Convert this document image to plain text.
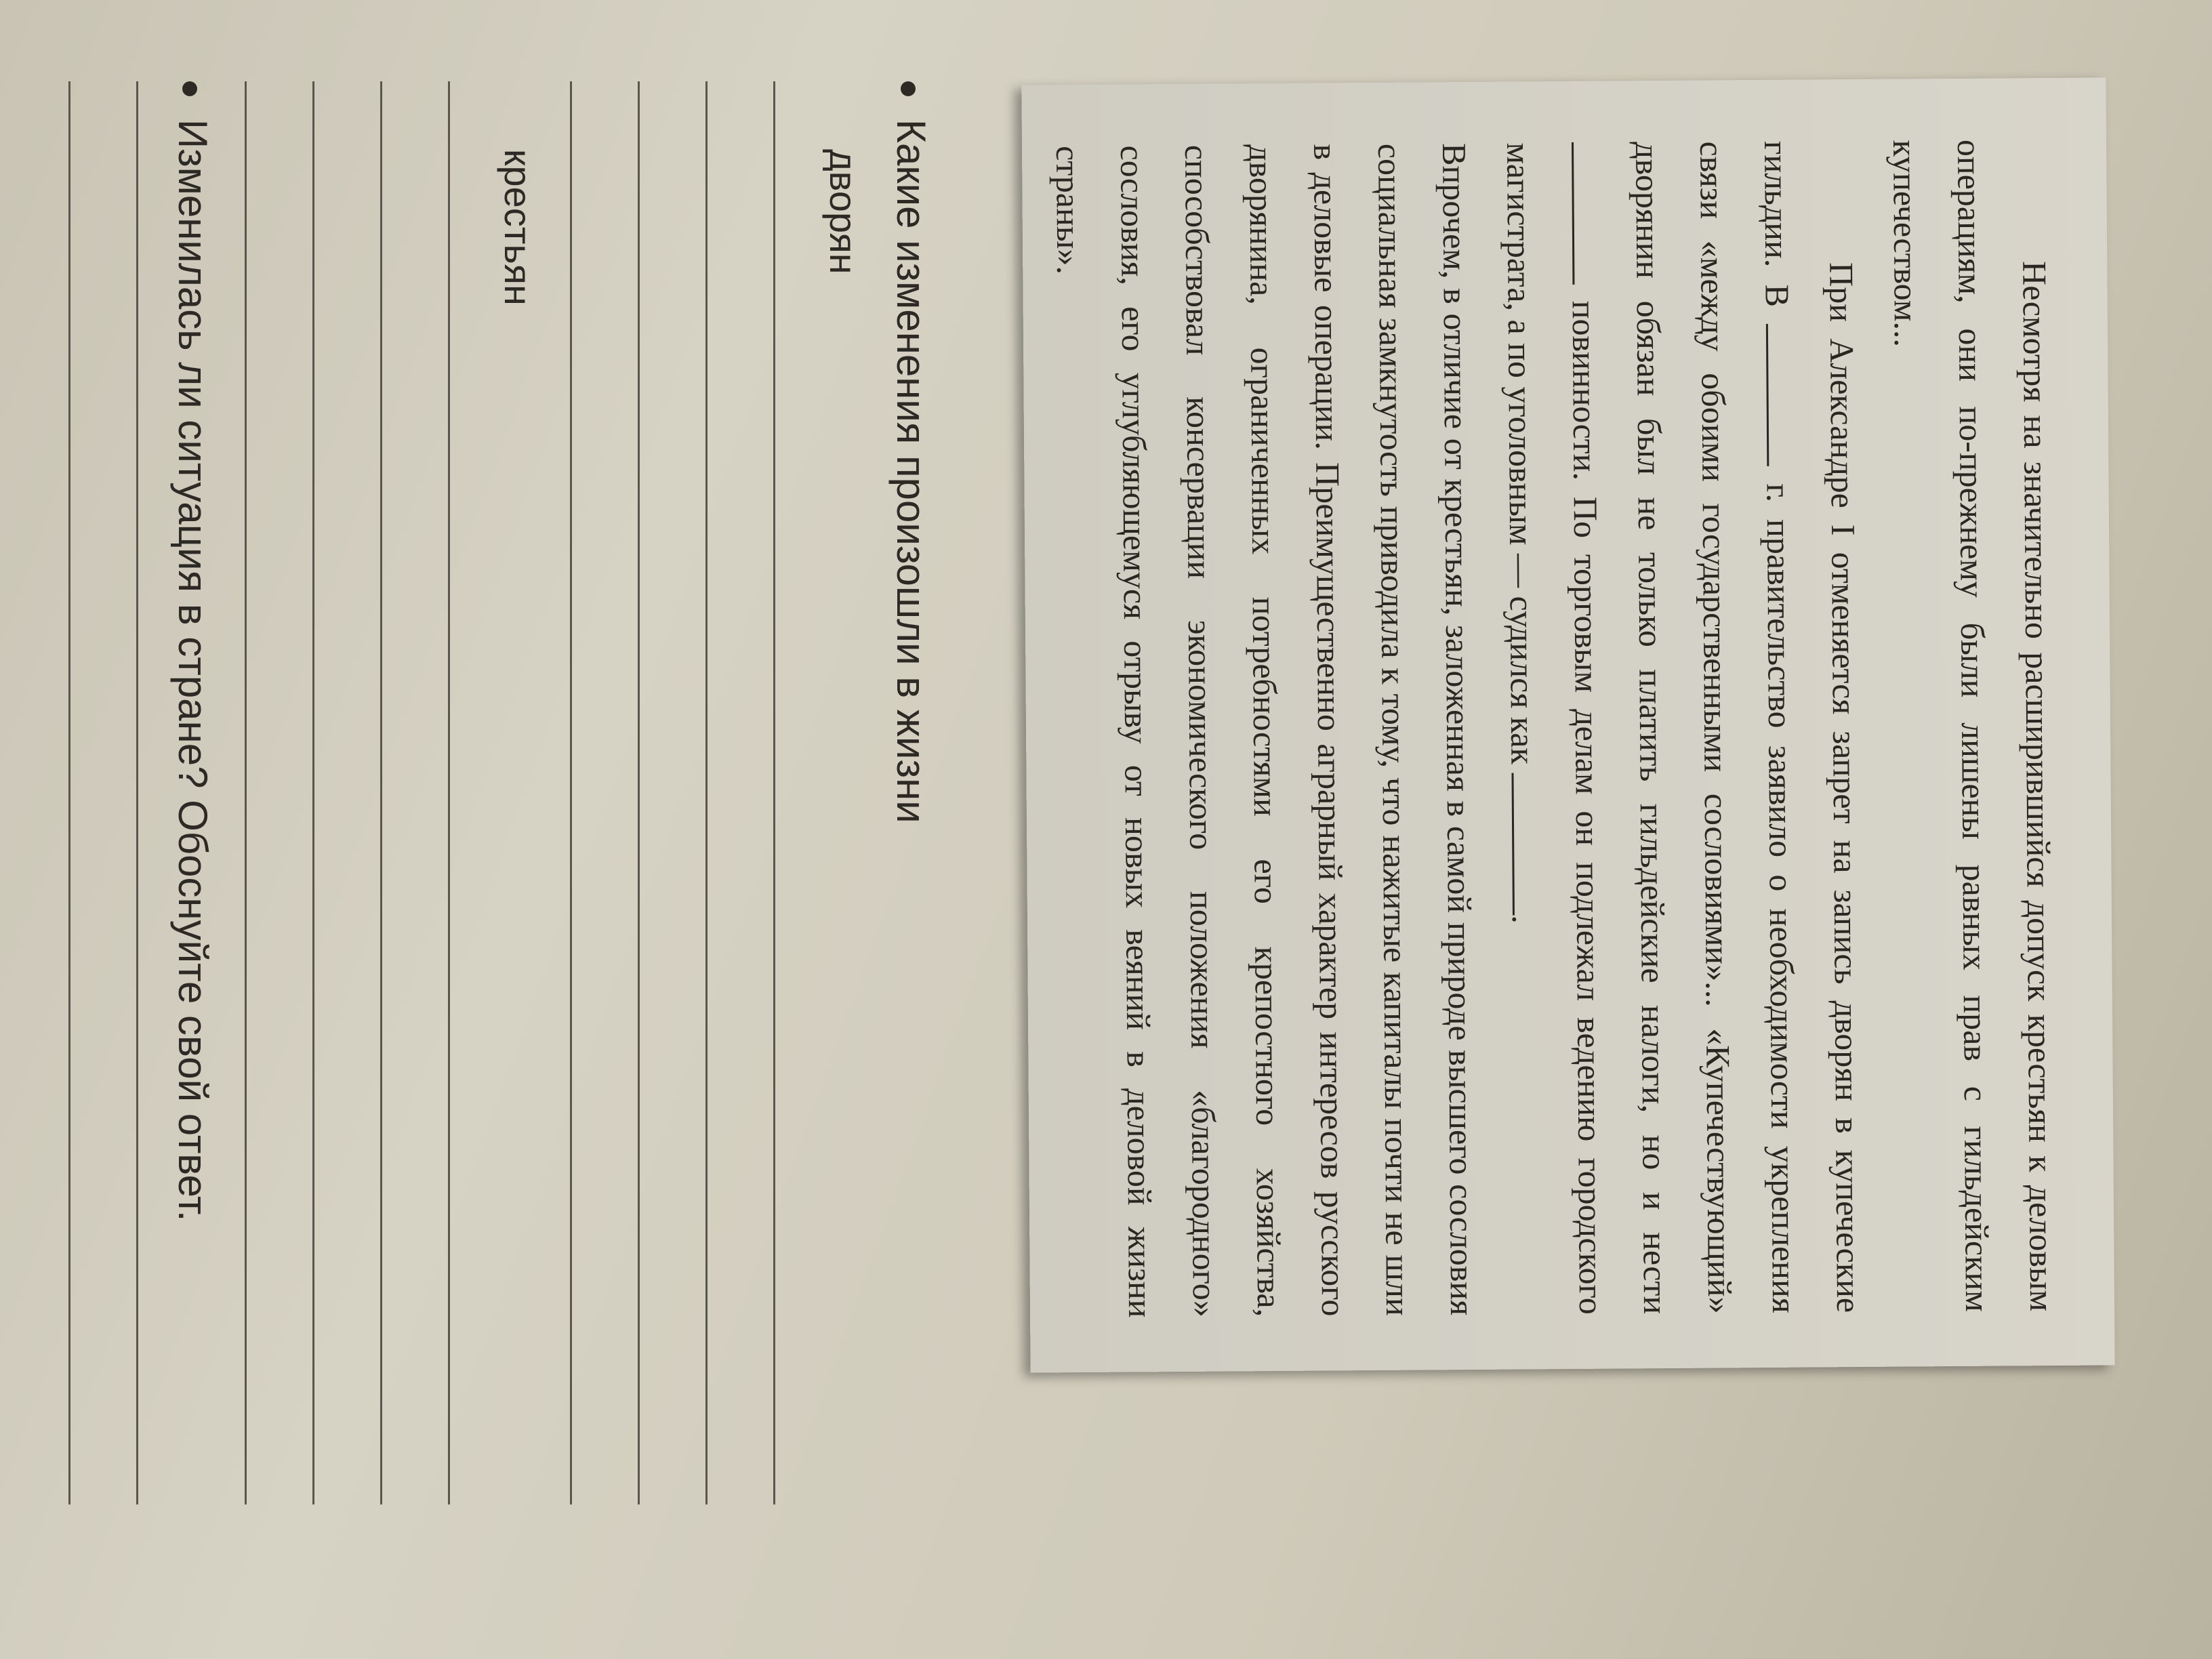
Несмотря на значительно расширившийся допуск крестьян к деловым операциям, они по-прежнему были лишены равных прав с гильдейским купечеством...

При Александре I отменяется запрет на запись дворян в купеческие гильдии. В  г. правительство заявило о необходимости укрепления связи «между обоими государственными сословиями»... «Купечествующий» дворянин обязан был не только платить гильдейские налоги, но и нести  повинности. По торговым делам он подлежал ведению городского магистрата, а по уголовным — судился как .

Впрочем, в отличие от крестьян, заложенная в самой природе высшего сословия социальная замкнутость приводила к тому, что нажитые капиталы почти не шли в деловые операции. Преимущественно аграрный характер интересов русского дворянина, ограниченных потребностями его крепостного хозяйства, способствовал консервации экономического положения «благородного» сословия, его углубляющемуся отрыву от новых веяний в деловой жизни страны».

Какие изменения произошли в жизни
дворян
крестьян
Изменилась ли ситуация в стране? Обоснуйте свой ответ.
